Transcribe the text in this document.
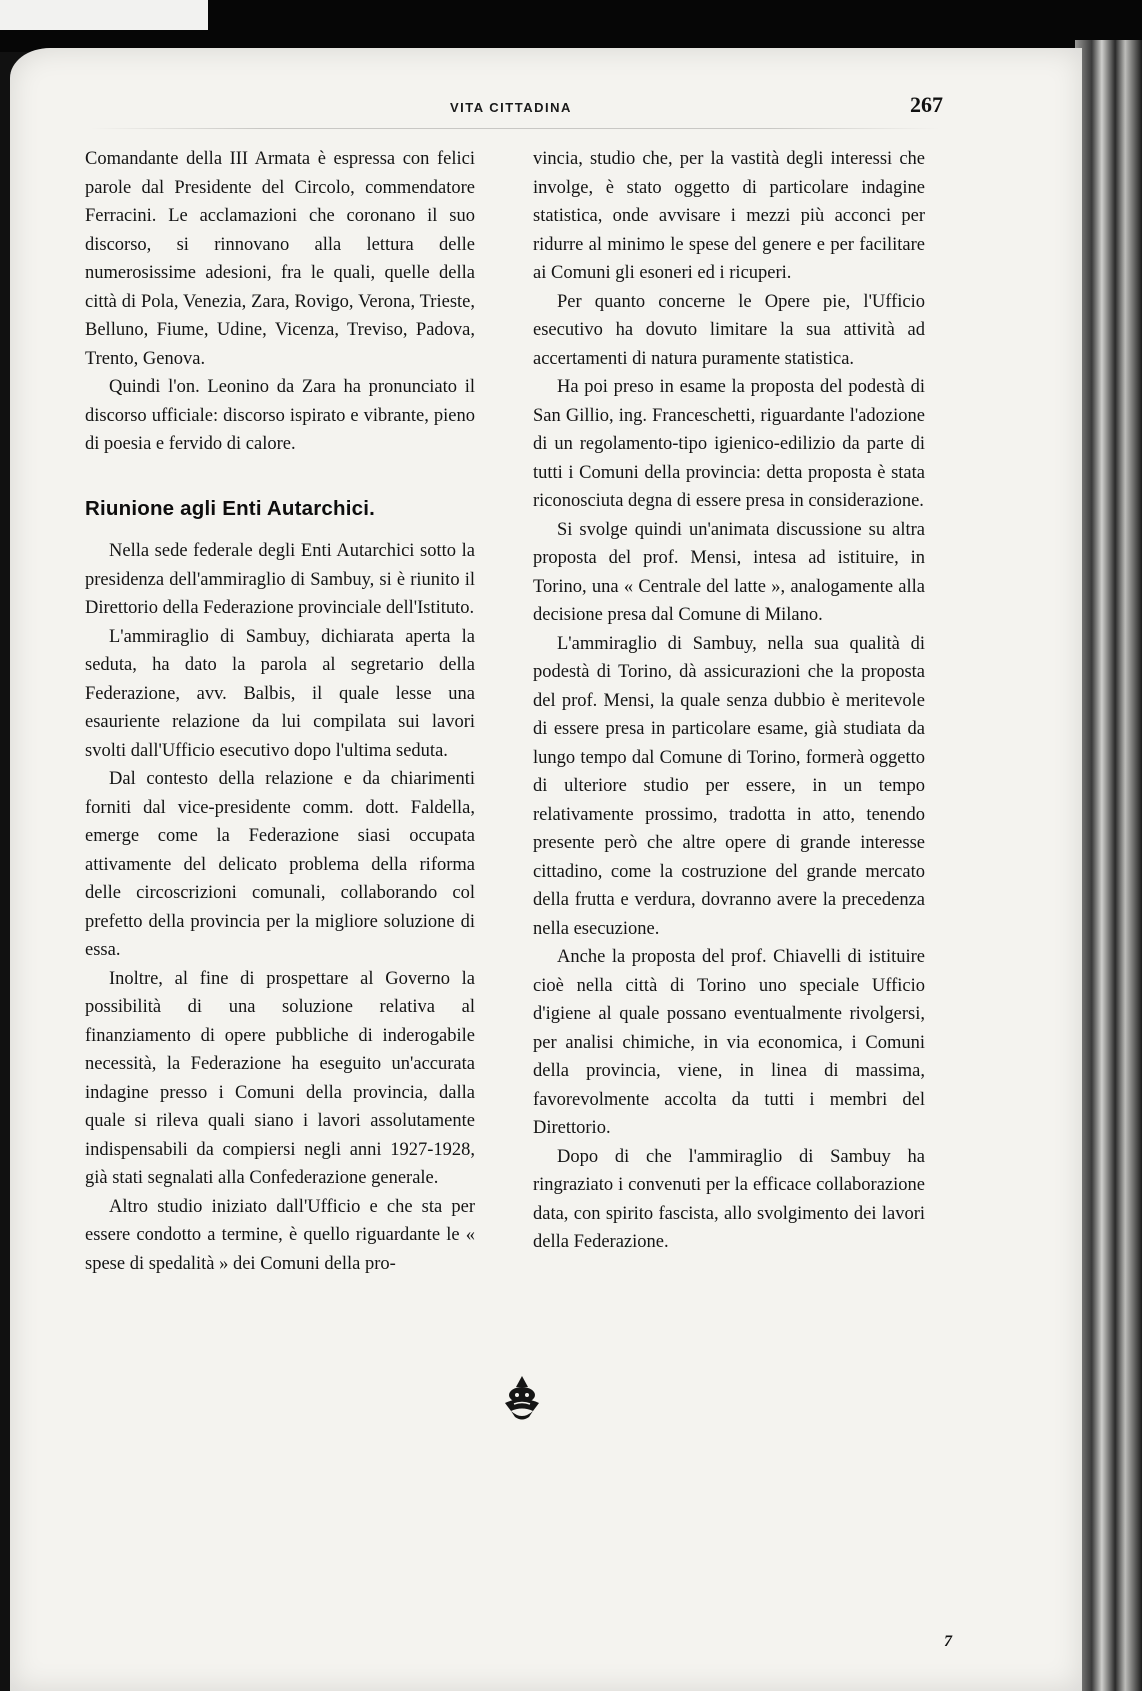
VITA CITTADINA	267

Comandante della III Armata è espressa con felici parole dal Presidente del Circolo, commendatore Ferracini. Le acclamazioni che coronano il suo discorso, si rinnovano alla lettura delle numerosissime adesioni, fra le quali, quelle della città di Pola, Venezia, Zara, Rovigo, Verona, Trieste, Belluno, Fiume, Udine, Vicenza, Treviso, Padova, Trento, Genova.

Quindi l'on. Leonino da Zara ha pronunciato il discorso ufficiale: discorso ispirato e vibrante, pieno di poesia e fervido di calore.

Riunione agli Enti Autarchici.

Nella sede federale degli Enti Autarchici sotto la presidenza dell'ammiraglio di Sambuy, si è riunito il Direttorio della Federazione provinciale dell'Istituto.

L'ammiraglio di Sambuy, dichiarata aperta la seduta, ha dato la parola al segretario della Federazione, avv. Balbis, il quale lesse una esauriente relazione da lui compilata sui lavori svolti dall'Ufficio esecutivo dopo l'ultima seduta.

Dal contesto della relazione e da chiarimenti forniti dal vice-presidente comm. dott. Faldella, emerge come la Federazione siasi occupata attivamente del delicato problema della riforma delle circoscrizioni comunali, collaborando col prefetto della provincia per la migliore soluzione di essa.

Inoltre, al fine di prospettare al Governo la possibilità di una soluzione relativa al finanziamento di opere pubbliche di inderogabile necessità, la Federazione ha eseguito un'accurata indagine presso i Comuni della provincia, dalla quale si rileva quali siano i lavori assolutamente indispensabili da compiersi negli anni 1927-1928, già stati segnalati alla Confederazione generale.

Altro studio iniziato dall'Ufficio e che sta per essere condotto a termine, è quello riguardante le « spese di spedalità » dei Comuni della pro-

vincia, studio che, per la vastità degli interessi che involge, è stato oggetto di particolare indagine statistica, onde avvisare i mezzi più acconci per ridurre al minimo le spese del genere e per facilitare ai Comuni gli esoneri ed i ricuperi.

Per quanto concerne le Opere pie, l'Ufficio esecutivo ha dovuto limitare la sua attività ad accertamenti di natura puramente statistica.

Ha poi preso in esame la proposta del podestà di San Gillio, ing. Franceschetti, riguardante l'adozione di un regolamento-tipo igienico-edilizio da parte di tutti i Comuni della provincia: detta proposta è stata riconosciuta degna di essere presa in considerazione.

Si svolge quindi un'animata discussione su altra proposta del prof. Mensi, intesa ad istituire, in Torino, una « Centrale del latte », analogamente alla decisione presa dal Comune di Milano.

L'ammiraglio di Sambuy, nella sua qualità di podestà di Torino, dà assicurazioni che la proposta del prof. Mensi, la quale senza dubbio è meritevole di essere presa in particolare esame, già studiata da lungo tempo dal Comune di Torino, formerà oggetto di ulteriore studio per essere, in un tempo relativamente prossimo, tradotta in atto, tenendo presente però che altre opere di grande interesse cittadino, come la costruzione del grande mercato della frutta e verdura, dovranno avere la precedenza nella esecuzione.

Anche la proposta del prof. Chiavelli di istituire cioè nella città di Torino uno speciale Ufficio d'igiene al quale possano eventualmente rivolgersi, per analisi chimiche, in via economica, i Comuni della provincia, viene, in linea di massima, favorevolmente accolta da tutti i membri del Direttorio.

Dopo di che l'ammiraglio di Sambuy ha ringraziato i convenuti per la efficace collaborazione data, con spirito fascista, allo svolgimento dei lavori della Federazione.

7
